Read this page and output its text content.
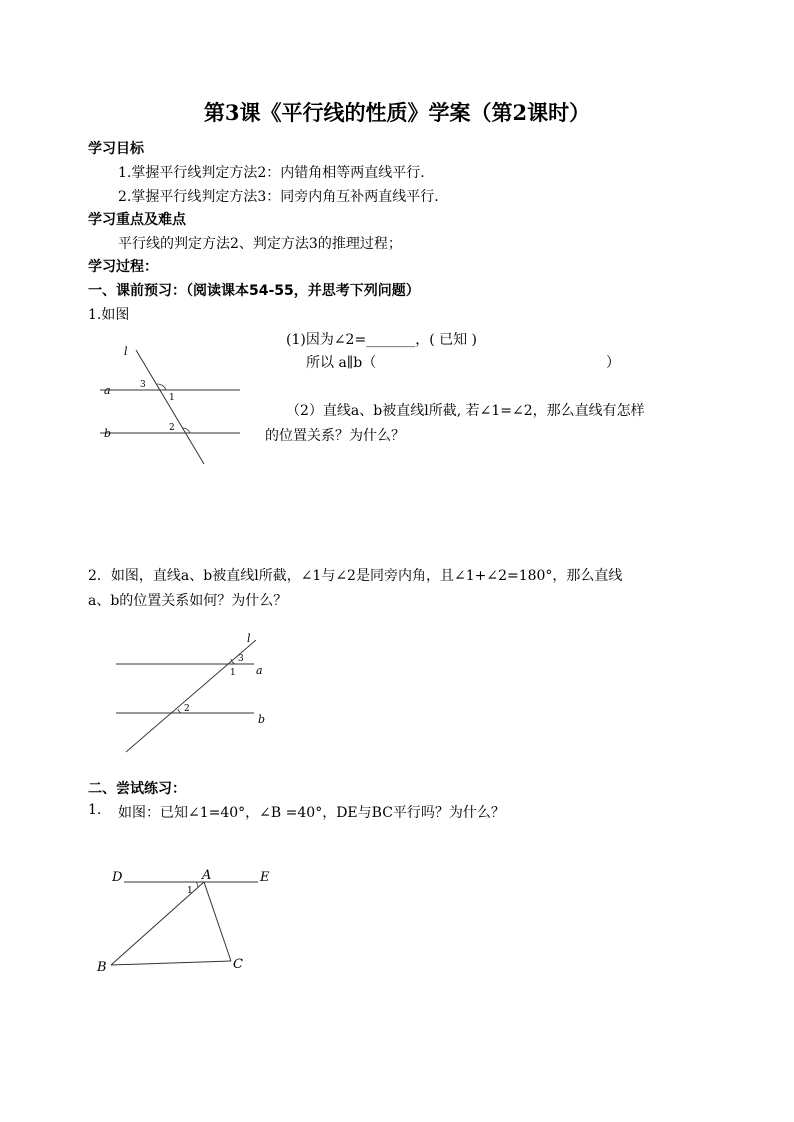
第3课《平行线的性质》学案（第2课时）
学习目标
1.掌握平行线判定方法2：内错角相等两直线平行.
2.掌握平行线判定方法3：同旁内角互补两直线平行.
学习重点及难点
平行线的判定方法2、判定方法3的推理过程；
学习过程：
一、课前预习：（阅读课本54-55，并思考下列问题）
1.如图
(1)因为∠2=_______，( 已知 )
所以 a∥b（	）
（2）直线a、b被直线l所截, 若∠1=∠2，那么直线有怎样
的位置关系？为什么？
l
a
b
3
1
2
2．如图，直线a、b被直线l所截，∠1与∠2是同旁内角，且∠1+∠2=180°，那么直线
a、b的位置关系如何？为什么？
l
a
b
3
1
2
二、尝试练习：
1. 如图：已知∠1=40°，∠B =40°，DE与BC平行吗？为什么？
D	A	E
B	C
1
